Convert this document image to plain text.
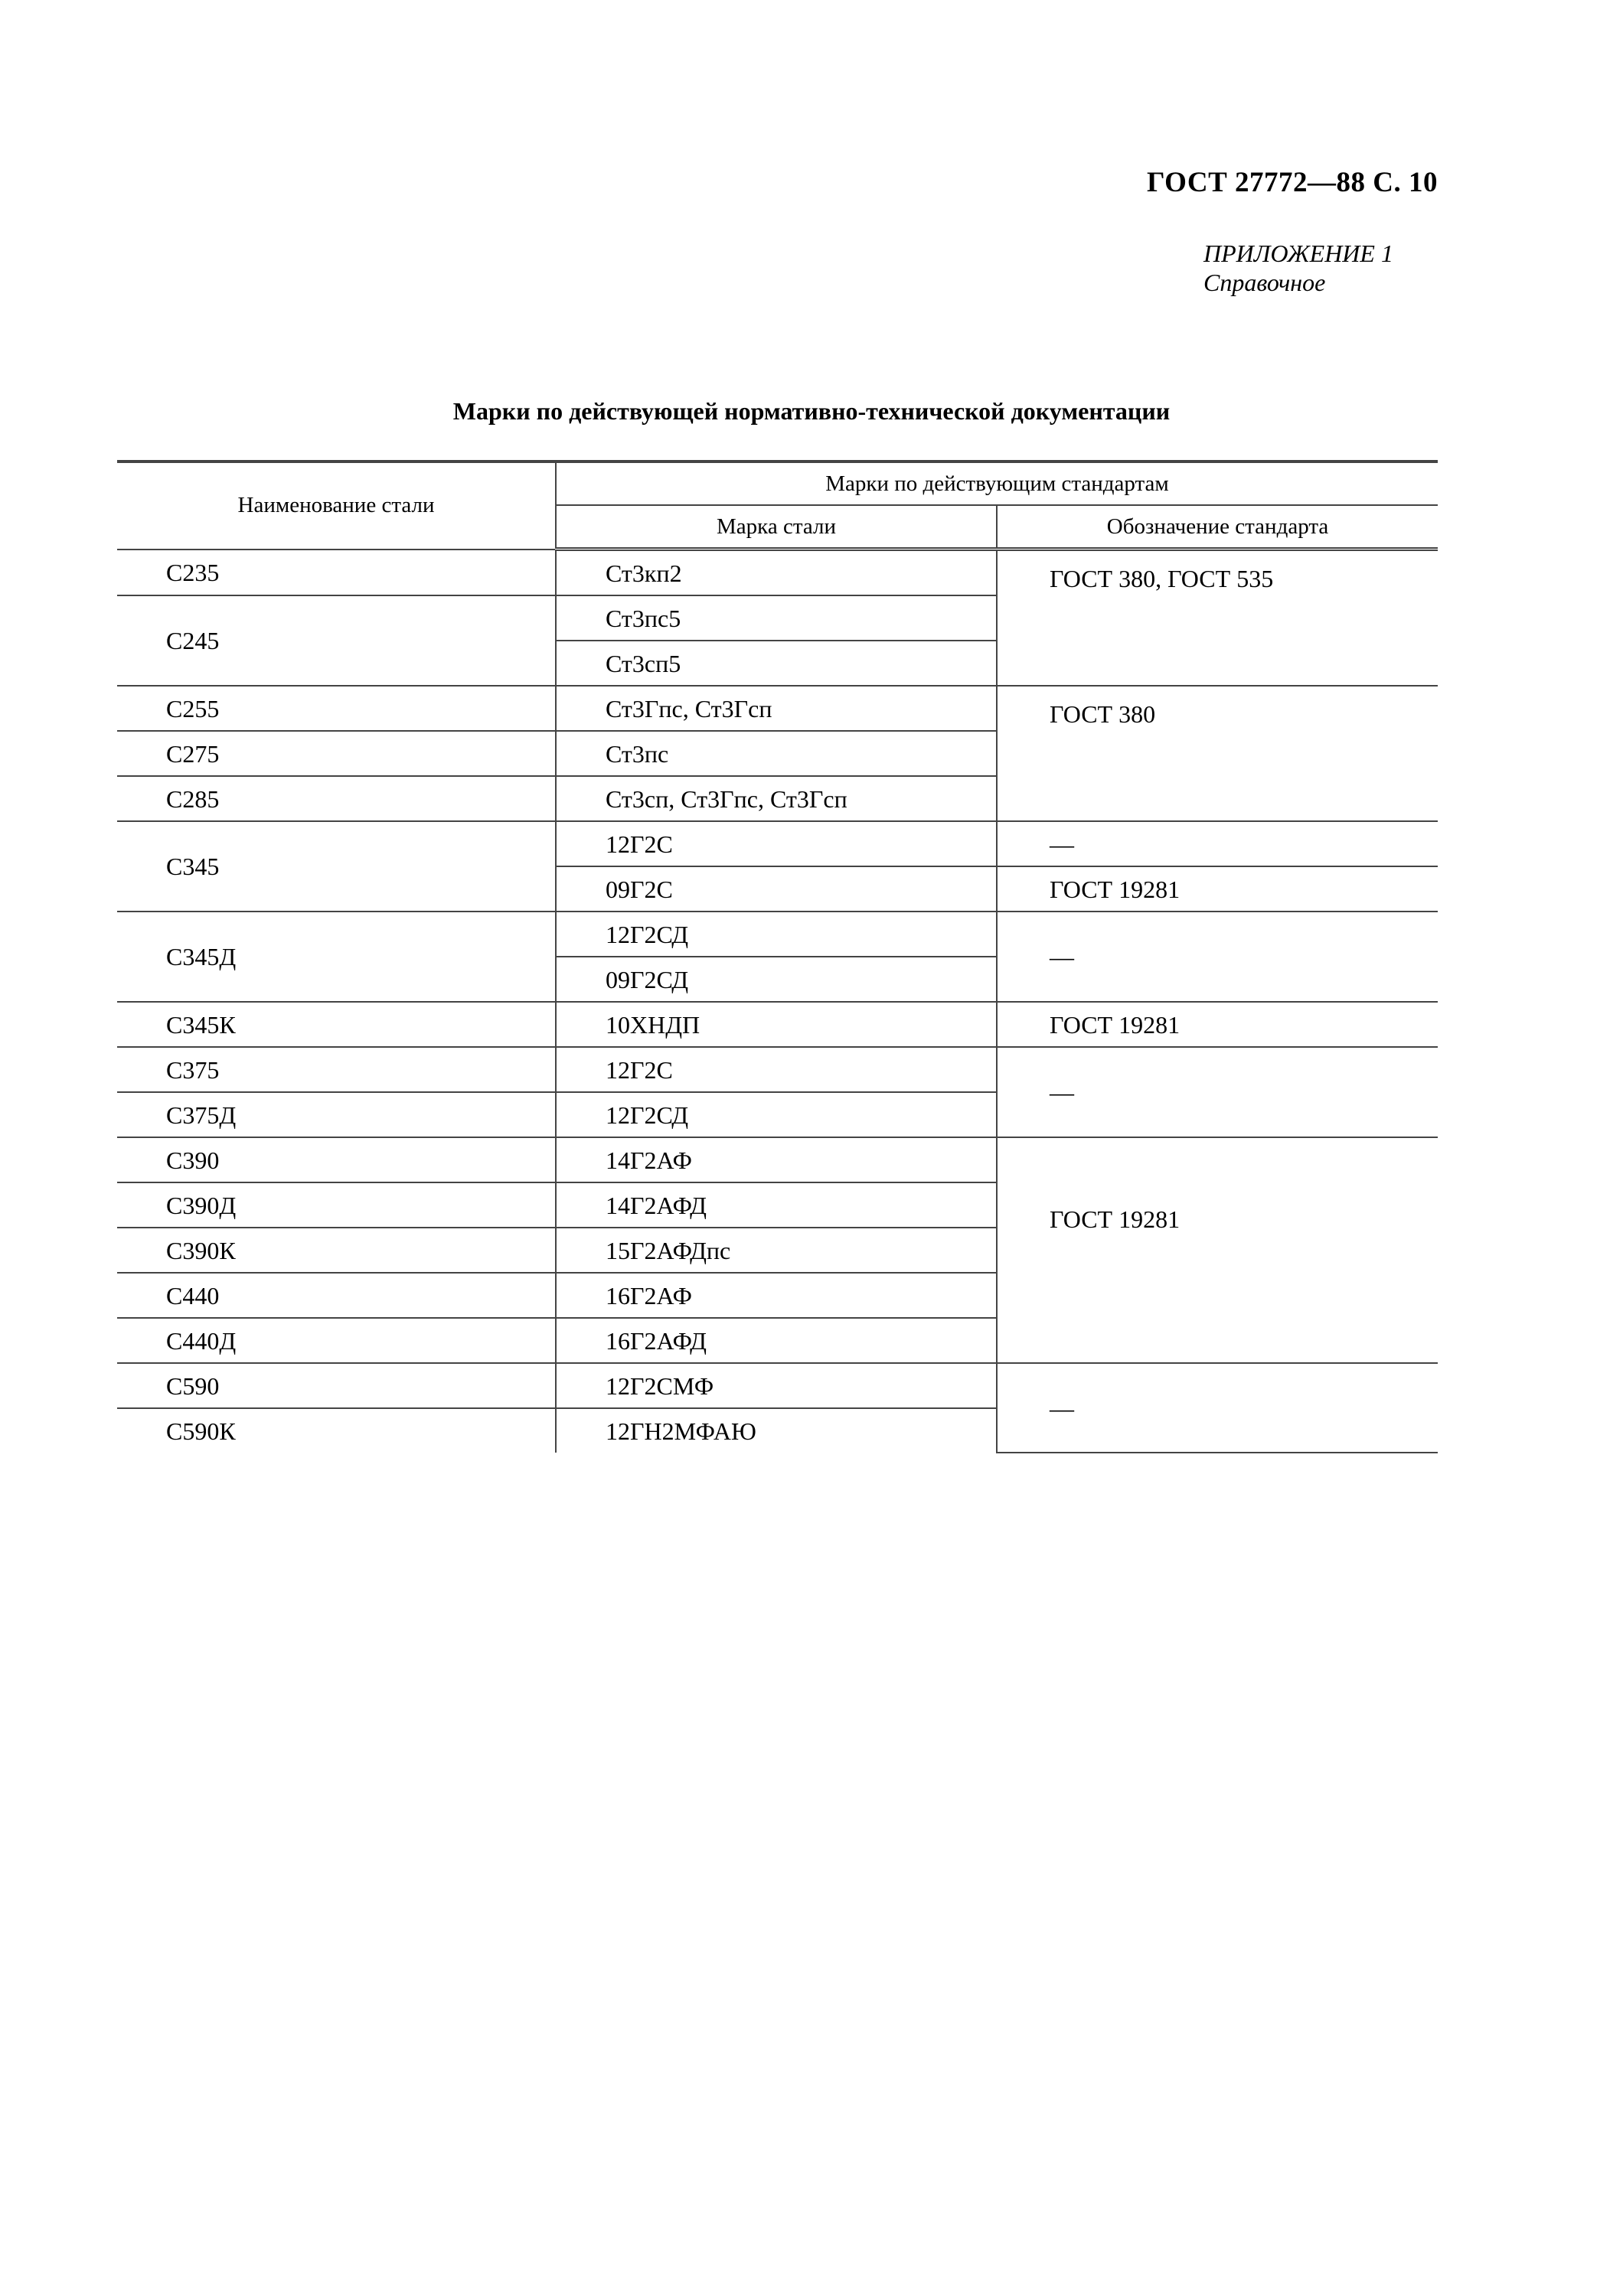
ГОСТ 27772—88 С. 10
ПРИЛОЖЕНИЕ 1
Справочное
Марки по действующей нормативно-технической документации

Наименование стали	Марки по действующим стандартам	
	Марка стали	Обозначение стандарта
С235	Ст3кп2	ГОСТ 380, ГОСТ 535
С245	Ст3пс5	
	Ст3сп5	
С255	Ст3Гпс, Ст3Гсп	ГОСТ 380
С275	Ст3пс	
С285	Ст3сп, Ст3Гпс, Ст3Гсп	
С345	12Г2С	—
	09Г2С	ГОСТ 19281
С345Д	12Г2СД	—
	09Г2СД	
С345К	10ХНДП	ГОСТ 19281
С375	12Г2С	—
С375Д	12Г2СД	
С390	14Г2АФ	ГОСТ 19281
С390Д	14Г2АФД	
С390К	15Г2АФДпс	
С440	16Г2АФ	
С440Д	16Г2АФД	
С590	12Г2СМФ	—
С590К	12ГН2МФАЮ	
